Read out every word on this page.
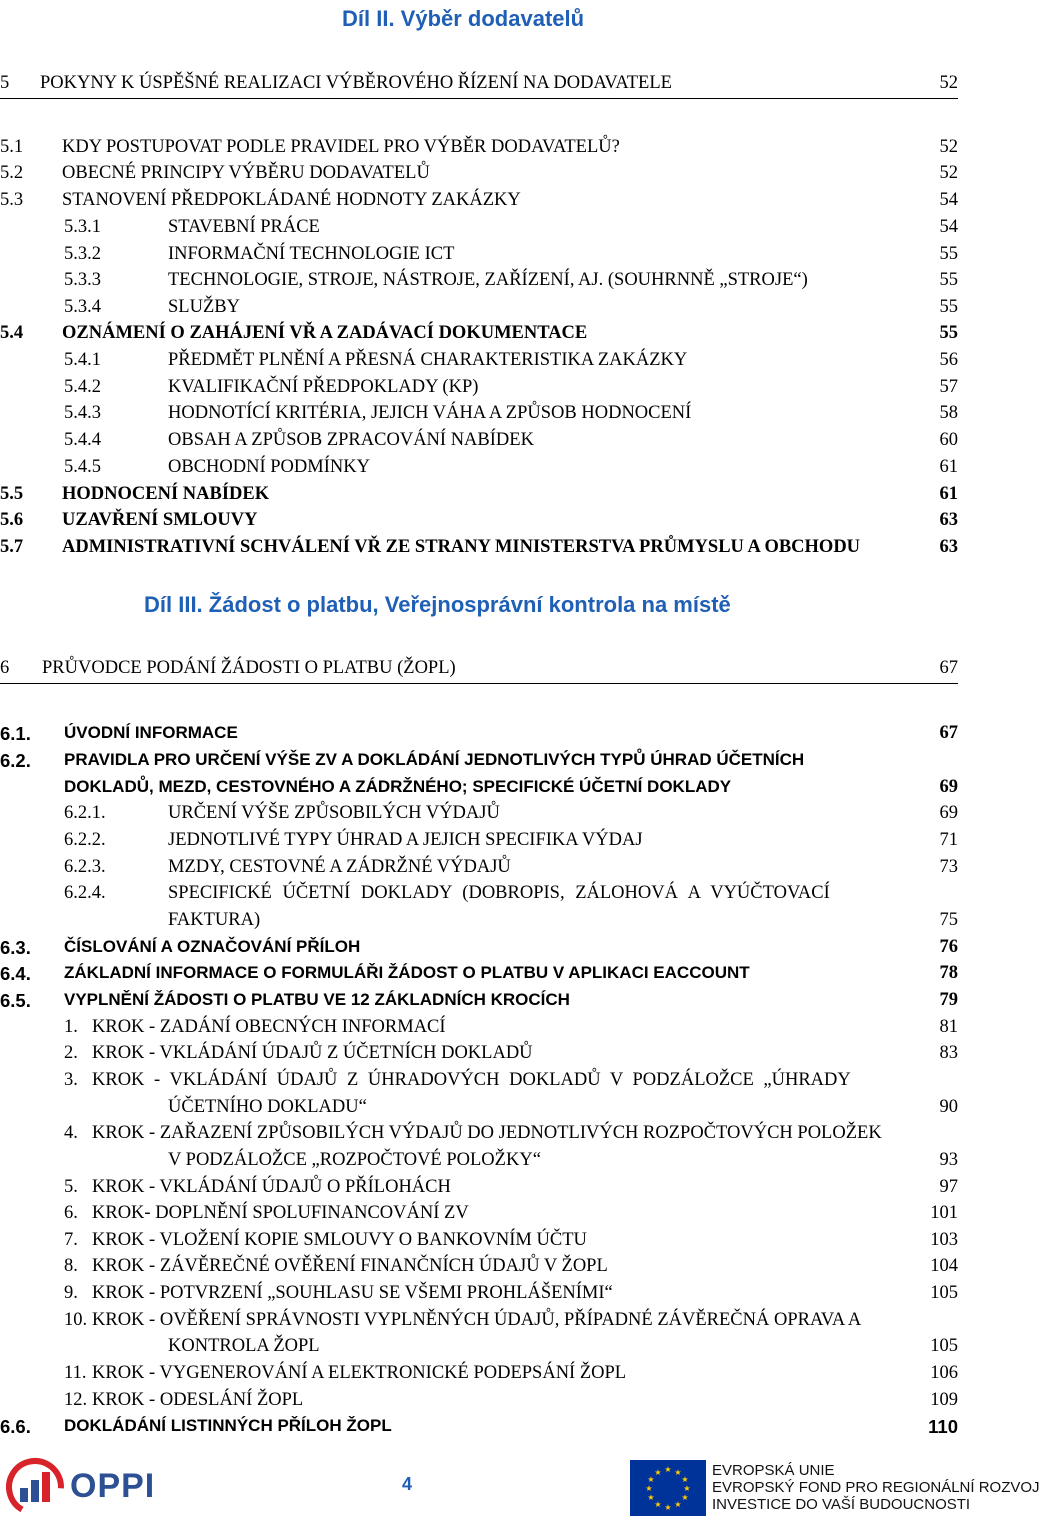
Díl II. Výběr dodavatelů
5 POKYNY K ÚSPĚŠNÉ REALIZACI VÝBĚROVÉHO ŘÍZENÍ NA DODAVATELE	52
5.1 KDY POSTUPOVAT PODLE PRAVIDEL PRO VÝBĚR DODAVATELŮ?	52
5.2 OBECNÉ PRINCIPY VÝBĚRU DODAVATELŮ	52
5.3 STANOVENÍ PŘEDPOKLÁDANÉ HODNOTY ZAKÁZKY	54
5.3.1	STAVEBNÍ PRÁCE	54
5.3.2	INFORMAČNÍ TECHNOLOGIE ICT	55
5.3.3	TECHNOLOGIE, STROJE, NÁSTROJE, ZAŘÍZENÍ, AJ. (SOUHRNNĚ „STROJE“)	55
5.3.4	SLUŽBY	55
5.4 OZNÁMENÍ O ZAHÁJENÍ VŘ A ZADÁVACÍ DOKUMENTACE	55
5.4.1	PŘEDMĚT PLNĚNÍ A PŘESNÁ CHARAKTERISTIKA ZAKÁZKY	56
5.4.2	KVALIFIKAČNÍ PŘEDPOKLADY (KP)	57
5.4.3	HODNOTÍCÍ KRITÉRIA, JEJICH VÁHA A ZPŮSOB HODNOCENÍ	58
5.4.4	OBSAH A ZPŮSOB ZPRACOVÁNÍ NABÍDEK	60
5.4.5	OBCHODNÍ PODMÍNKY	61
5.5 HODNOCENÍ NABÍDEK	61
5.6 UZAVŘENÍ SMLOUVY	63
5.7 ADMINISTRATIVNÍ SCHVÁLENÍ VŘ ZE STRANY MINISTERSTVA PRŮMYSLU A OBCHODU	63
Díl III. Žádost o platbu, Veřejnosprávní kontrola na místě
6 PRŮVODCE PODÁNÍ ŽÁDOSTI O PLATBU (ŽOPL)	67
6.1. ÚVODNÍ INFORMACE	67
6.2. PRAVIDLA PRO URČENÍ VÝŠE ZV A DOKLÁDÁNÍ JEDNOTLIVÝCH TYPŮ ÚHRAD ÚČETNÍCH
DOKLADŮ, MEZD, CESTOVNÉHO A ZÁDRŽNÉHO; SPECIFICKÉ ÚČETNÍ DOKLADY	69
6.2.1.	URČENÍ VÝŠE ZPŮSOBILÝCH VÝDAJŮ	69
6.2.2.	JEDNOTLIVÉ TYPY ÚHRAD A JEJICH SPECIFIKA VÝDAJ	71
6.2.3.	MZDY, CESTOVNÉ A ZÁDRŽNÉ VÝDAJŮ	73
6.2.4.	SPECIFICKÉ ÚČETNÍ DOKLADY (DOBROPIS, ZÁLOHOVÁ A VYÚČTOVACÍ
FAKTURA)	75
6.3. ČÍSLOVÁNÍ A OZNAČOVÁNÍ PŘÍLOH	76
6.4. ZÁKLADNÍ INFORMACE O FORMULÁŘI ŽÁDOST O PLATBU V APLIKACI EACCOUNT	78
6.5. VYPLNĚNÍ ŽÁDOSTI O PLATBU VE 12 ZÁKLADNÍCH KROCÍCH	79
1. KROK - ZADÁNÍ OBECNÝCH INFORMACÍ	81
2. KROK - VKLÁDÁNÍ ÚDAJŮ Z ÚČETNÍCH DOKLADŮ	83
3. KROK - VKLÁDÁNÍ ÚDAJŮ Z ÚHRADOVÝCH DOKLADŮ V PODZÁLOŽCE „ÚHRADY
ÚČETNÍHO DOKLADU“	90
4. KROK - ZAŘAZENÍ ZPŮSOBILÝCH VÝDAJŮ DO JEDNOTLIVÝCH ROZPOČTOVÝCH POLOŽEK
V PODZÁLOŽCE „ROZPOČTOVÉ POLOŽKY“	93
5. KROK - VKLÁDÁNÍ ÚDAJŮ O PŘÍLOHÁCH	97
6. KROK- DOPLNĚNÍ SPOLUFINANCOVÁNÍ ZV	101
7. KROK - VLOŽENÍ KOPIE SMLOUVY O BANKOVNÍM ÚČTU	103
8. KROK - ZÁVĚREČNÉ OVĚŘENÍ FINANČNÍCH ÚDAJŮ V ŽOPL	104
9. KROK - POTVRZENÍ „SOUHLASU SE VŠEMI PROHLÁŠENÍMI“	105
10. KROK - OVĚŘENÍ SPRÁVNOSTI VYPLNĚNÝCH ÚDAJŮ, PŘÍPADNÉ ZÁVĚREČNÁ OPRAVA A
KONTROLA ŽOPL	105
11. KROK - VYGENEROVÁNÍ A ELEKTRONICKÉ PODEPSÁNÍ ŽOPL	106
12. KROK - ODESLÁNÍ ŽOPL	109
6.6. DOKLÁDÁNÍ LISTINNÝCH PŘÍLOH ŽOPL	110
OPPI	4
★ ★
★
★
★
★
★
★
★
★
★
★	EVROPSKÁ UNIE
EVROPSKÝ FOND PRO REGIONÁLNÍ ROZVOJ
INVESTICE DO VAŠÍ BUDOUCNOSTI
